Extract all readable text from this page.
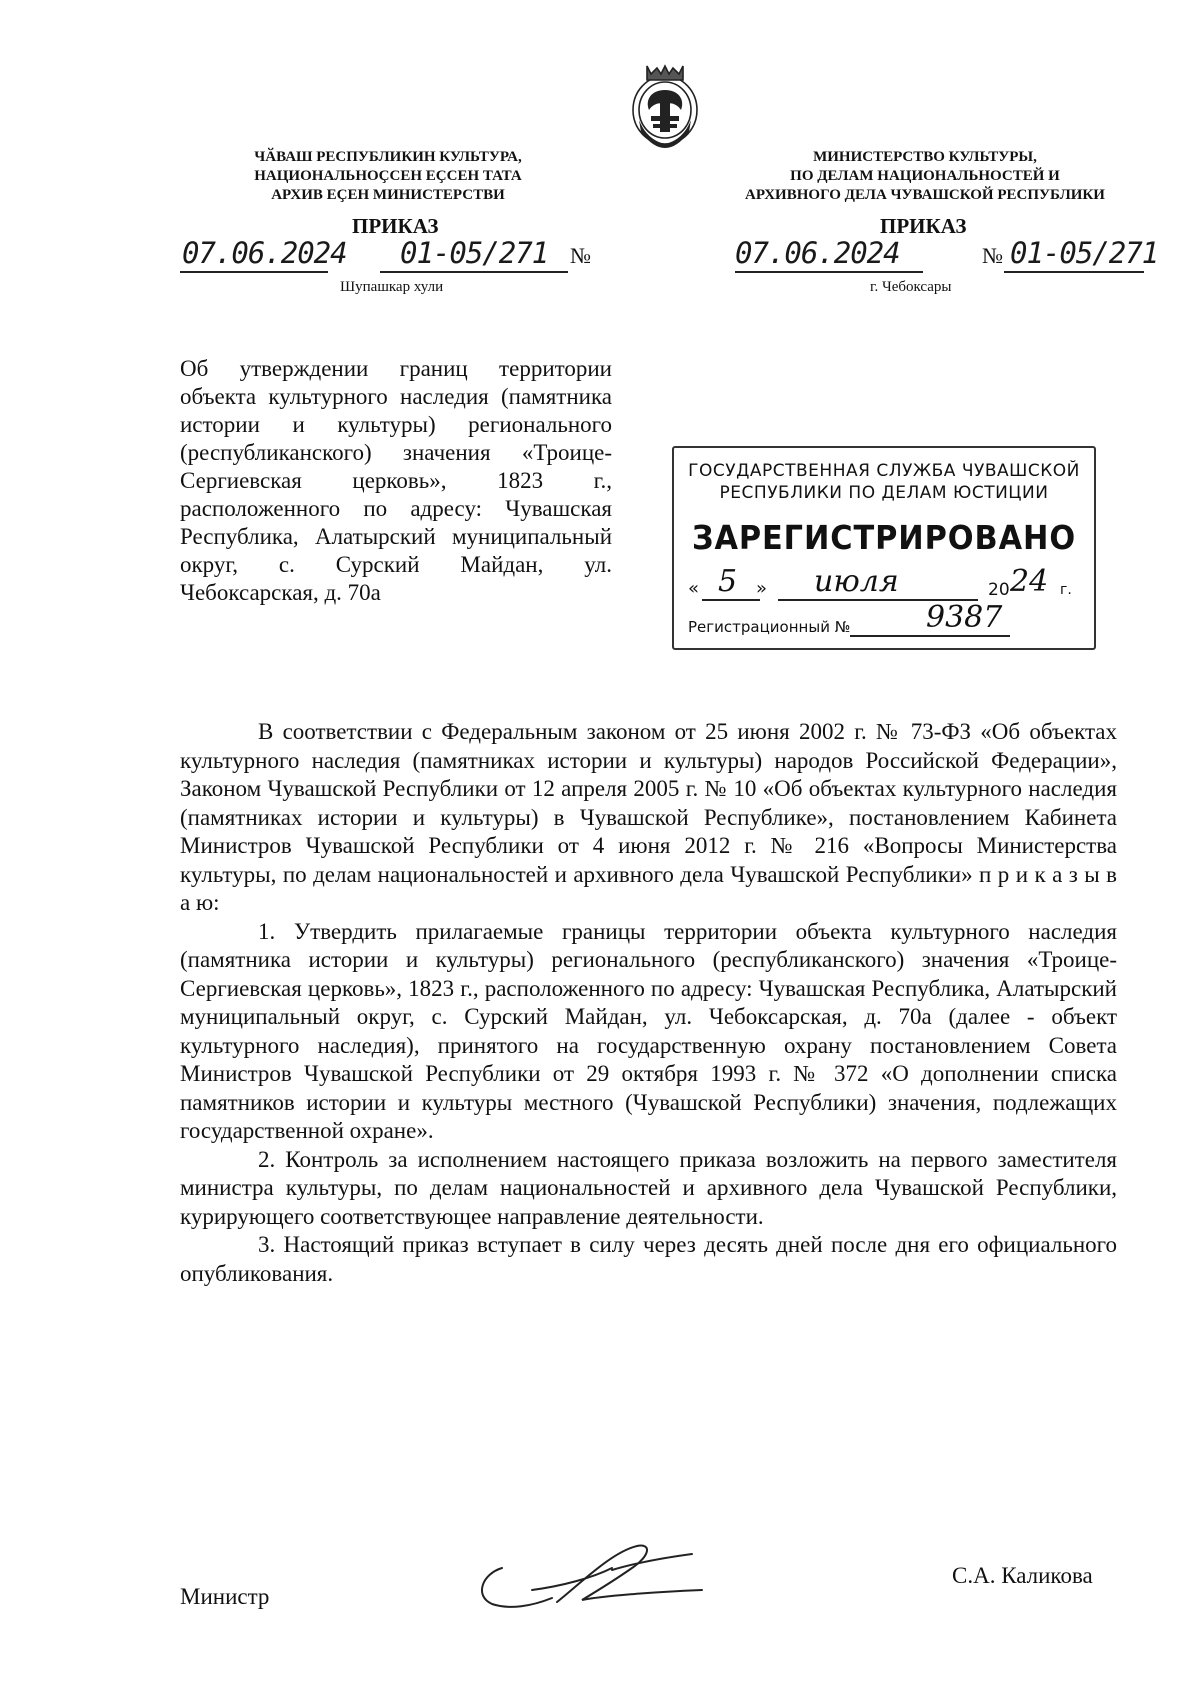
ЧӐВАШ РЕСПУБЛИКИН КУЛЬТУРА,
НАЦИОНАЛЬНОҪСЕН ЕҪСЕН ТАТА
АРХИВ ЕҪЕН МИНИСТЕРСТВИ
МИНИСТЕРСТВО КУЛЬТУРЫ,
ПО ДЕЛАМ НАЦИОНАЛЬНОСТЕЙ И
АРХИВНОГО ДЕЛА ЧУВАШСКОЙ РЕСПУБЛИКИ
ПРИКАЗ
07.06.2024 01-05/271 №
Шупашкар хули
ПРИКАЗ
07.06.2024	№ 01-05/271
г. Чебоксары
Об утверждении границ территории объекта культурного наследия (памятника истории и культуры) регионального (республиканского) значения «Троице-Сергиевская церковь», 1823 г., расположенного по адресу: Чувашская Республика, Алатырский муниципальный округ, с. Сурский Майдан, ул. Чебоксарская, д. 70а
ГОСУДАРСТВЕННАЯ СЛУЖБА ЧУВАШСКОЙ
РЕСПУБЛИКИ ПО ДЕЛАМ ЮСТИЦИИ
ЗАРЕГИСТРИРОВАНО
« 5 » июля	20 24 г.
Регистрационный №	9387

В соответствии с Федеральным законом от 25 июня 2002 г. № 73-ФЗ «Об объектах культурного наследия (памятниках истории и культуры) народов Российской Федерации», Законом Чувашской Республики от 12 апреля 2005 г. № 10 «Об объектах культурного наследия (памятниках истории и культуры) в Чувашской Республике», постановлением Кабинета Министров Чувашской Республики от 4 июня 2012 г. № 216 «Вопросы Министерства культуры, по делам национальностей и архивного дела Чувашской Республики» п р и к а з ы в а ю:

1. Утвердить прилагаемые границы территории объекта культурного наследия (памятника истории и культуры) регионального (республиканского) значения «Троице-Сергиевская церковь», 1823 г., расположенного по адресу: Чувашская Республика, Алатырский муниципальный округ, с. Сурский Майдан, ул. Чебоксарская, д. 70а (далее - объект культурного наследия), принятого на государственную охрану постановлением Совета Министров Чувашской Республики от 29 октября 1993 г. № 372 «О дополнении списка памятников истории и культуры местного (Чувашской Республики) значения, подлежащих государственной охране».

2. Контроль за исполнением настоящего приказа возложить на первого заместителя министра культуры, по делам национальностей и архивного дела Чувашской Республики, курирующего соответствующее направление деятельности.

3. Настоящий приказ вступает в силу через десять дней после дня его официального опубликования.

Министр
С.А. Каликова
